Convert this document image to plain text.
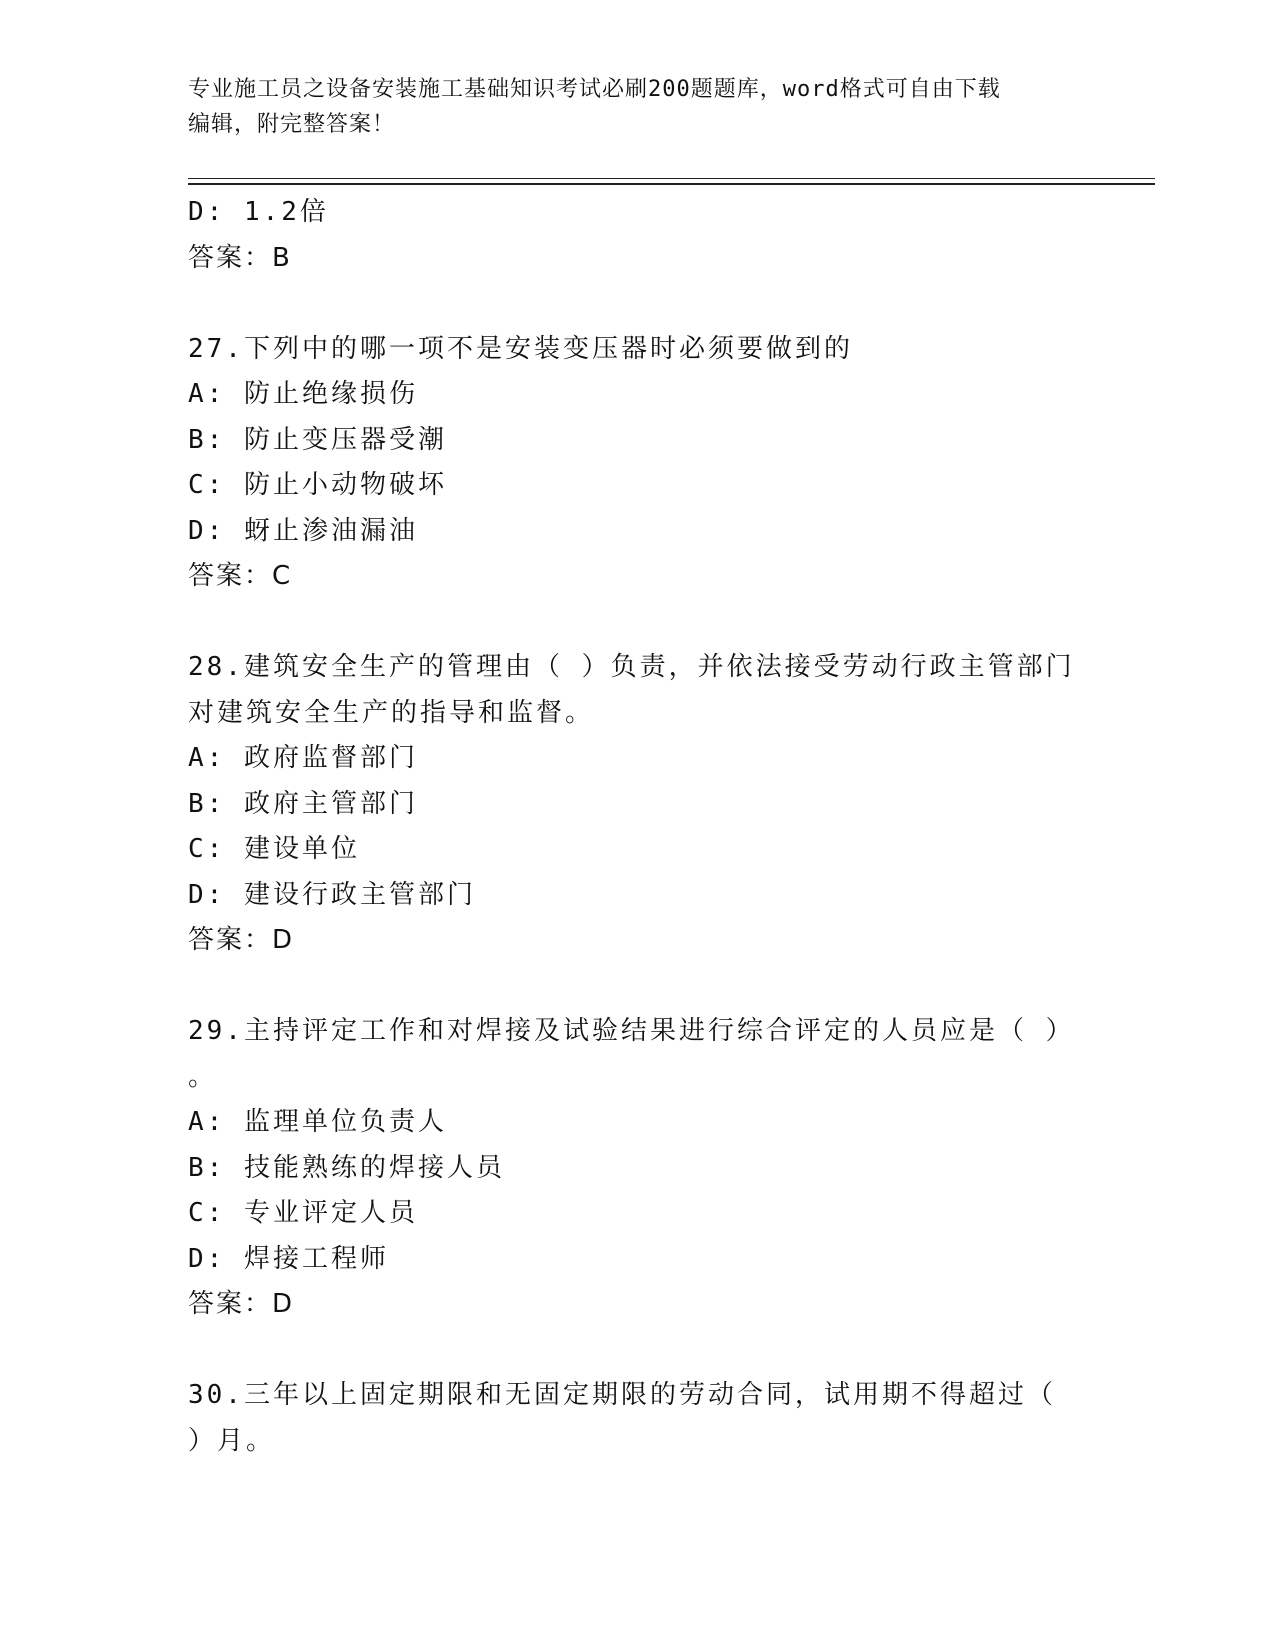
专业施工员之设备安装施工基础知识考试必刷200题题库，word格式可自由下载

编辑，附完整答案！

D: 1.2倍

答案：B

27.下列中的哪一项不是安装变压器时必须要做到的

A: 防止绝缘损伤

B: 防止变压器受潮

C: 防止小动物破坏

D: 蚜止渗油漏油

答案：C

28.建筑安全生产的管理由（ ）负责，并依法接受劳动行政主管部门

对建筑安全生产的指导和监督。

A: 政府监督部门

B: 政府主管部门

C: 建设单位

D: 建设行政主管部门

答案：D

29.主持评定工作和对焊接及试验结果进行综合评定的人员应是（ ）

。

A: 监理单位负责人

B: 技能熟练的焊接人员

C: 专业评定人员

D: 焊接工程师

答案：D

30.三年以上固定期限和无固定期限的劳动合同，试用期不得超过（

）月。
